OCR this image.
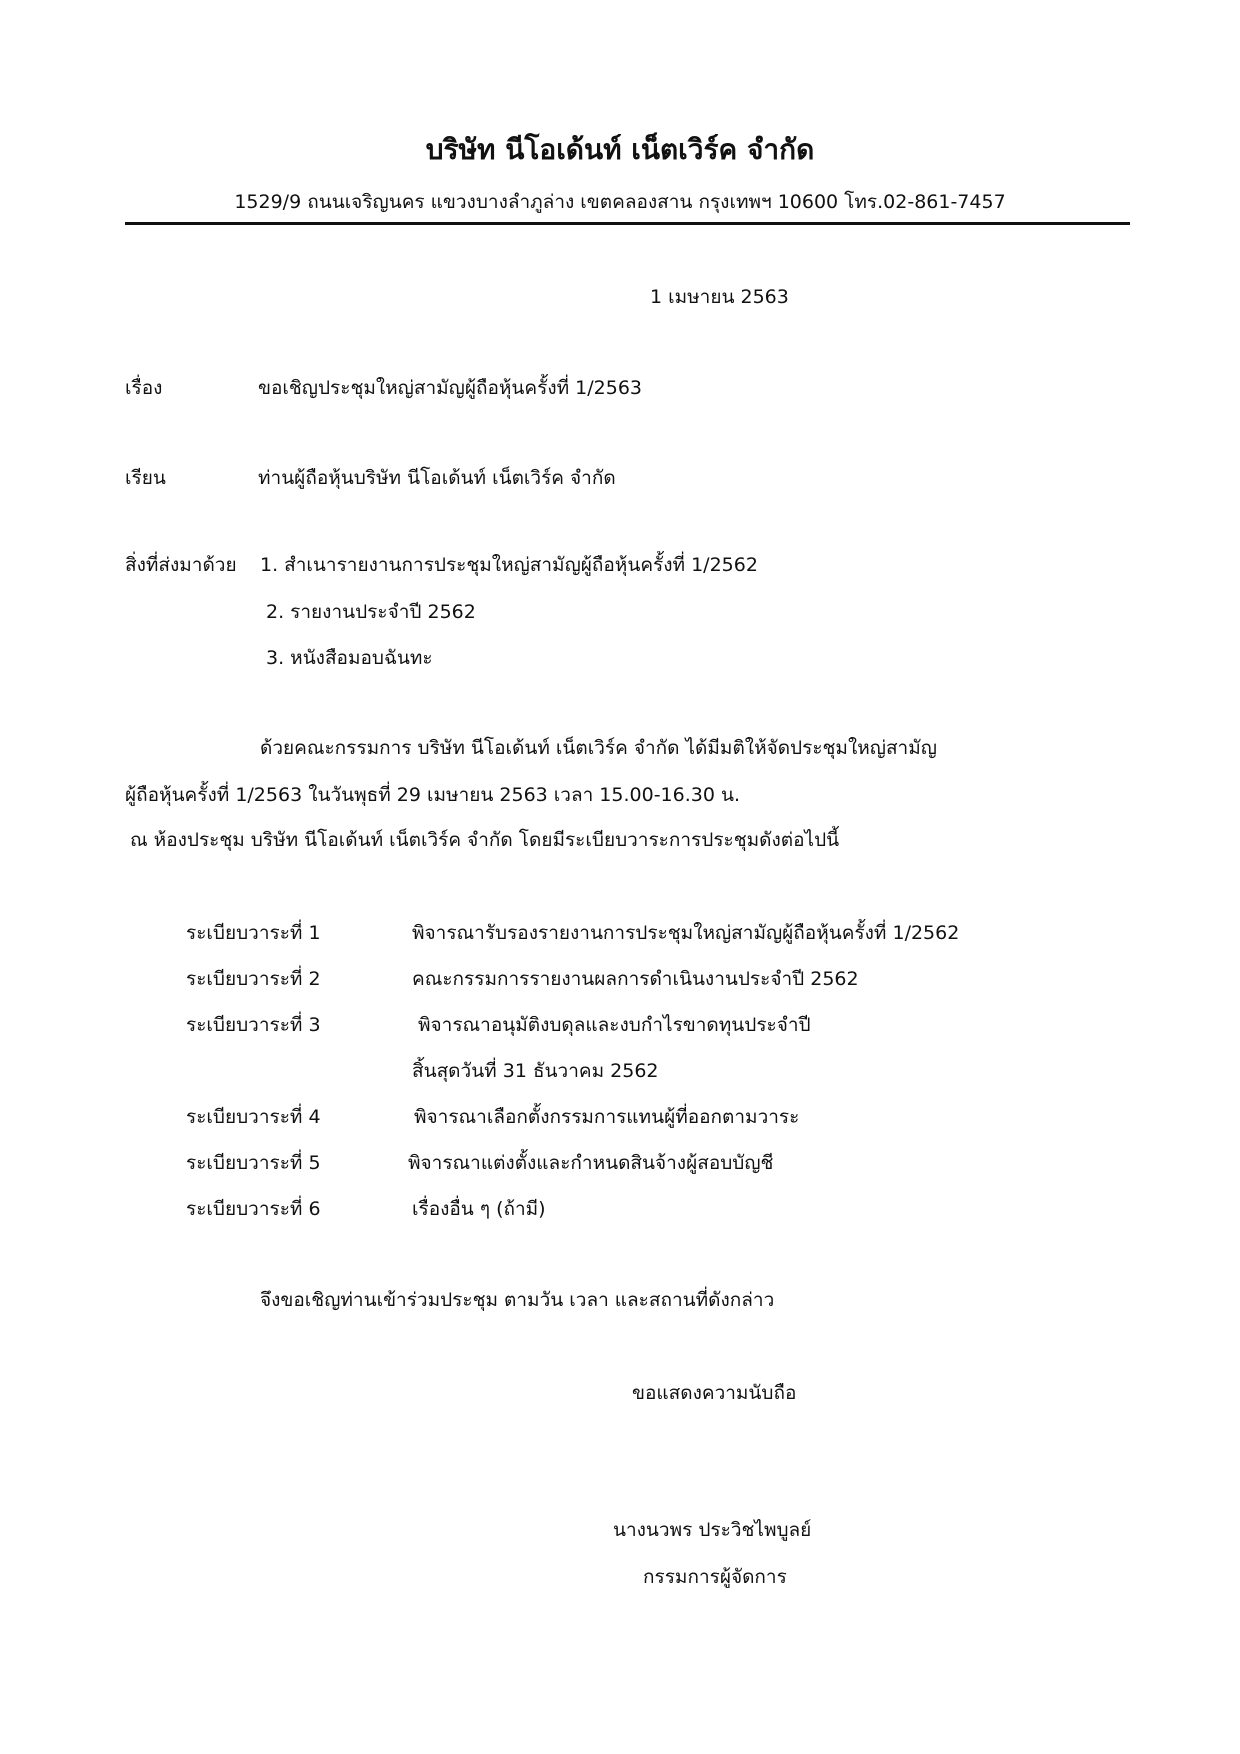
บริษัท นีโอเด้นท์ เน็ตเวิร์ค จำกัด
1529/9 ถนนเจริญนคร แขวงบางลำภูล่าง เขตคลองสาน กรุงเทพฯ 10600 โทร.02-861-7457
1 เมษายน 2563
เรื่อง	ขอเชิญประชุมใหญ่สามัญผู้ถือหุ้นครั้งที่ 1/2563
เรียน	ท่านผู้ถือหุ้นบริษัท นีโอเด้นท์ เน็ตเวิร์ค จำกัด
สิ่งที่ส่งมาด้วย 1. สำเนารายงานการประชุมใหญ่สามัญผู้ถือหุ้นครั้งที่ 1/2562
2. รายงานประจำปี 2562
3. หนังสือมอบฉันทะ
ด้วยคณะกรรมการ บริษัท นีโอเด้นท์ เน็ตเวิร์ค จำกัด ได้มีมติให้จัดประชุมใหญ่สามัญ
ผู้ถือหุ้นครั้งที่ 1/2563 ในวันพุธที่ 29 เมษายน 2563 เวลา 15.00-16.30 น.
ณ ห้องประชุม บริษัท นีโอเด้นท์ เน็ตเวิร์ค จำกัด โดยมีระเบียบวาระการประชุมดังต่อไปนี้
ระเบียบวาระที่ 1	พิจารณารับรองรายงานการประชุมใหญ่สามัญผู้ถือหุ้นครั้งที่ 1/2562
ระเบียบวาระที่ 2	คณะกรรมการรายงานผลการดำเนินงานประจำปี 2562
ระเบียบวาระที่ 3	พิจารณาอนุมัติงบดุลและงบกำไรขาดทุนประจำปี
สิ้นสุดวันที่ 31 ธันวาคม 2562
ระเบียบวาระที่ 4	พิจารณาเลือกตั้งกรรมการแทนผู้ที่ออกตามวาระ
ระเบียบวาระที่ 5	พิจารณาแต่งตั้งและกำหนดสินจ้างผู้สอบบัญชี
ระเบียบวาระที่ 6	เรื่องอื่น ๆ (ถ้ามี)
จึงขอเชิญท่านเข้าร่วมประชุม ตามวัน เวลา และสถานที่ดังกล่าว
ขอแสดงความนับถือ
นางนวพร ประวิชไพบูลย์
กรรมการผู้จัดการ
